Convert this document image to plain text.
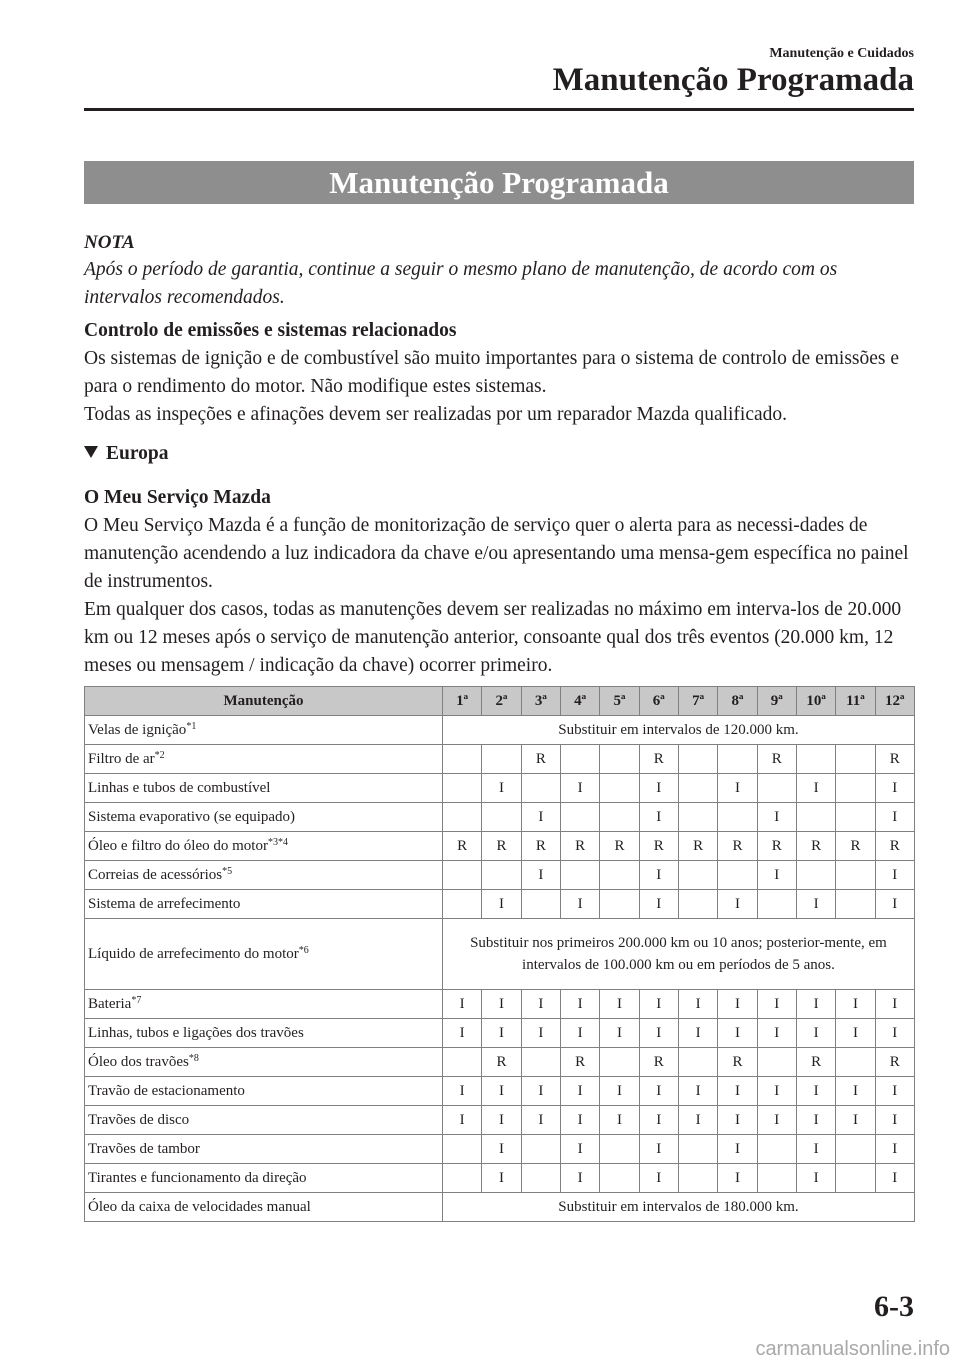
Manutenção e Cuidados
Manutenção Programada
Manutenção Programada
NOTA
Após o período de garantia, continue a seguir o mesmo plano de manutenção, de acordo com os intervalos recomendados.
Controlo de emissões e sistemas relacionados
Os sistemas de ignição e de combustível são muito importantes para o sistema de controlo de emissões e para o rendimento do motor. Não modifique estes sistemas.
Todas as inspeções e afinações devem ser realizadas por um reparador Mazda qualificado.
Europa
O Meu Serviço Mazda
O Meu Serviço Mazda é a função de monitorização de serviço quer o alerta para as necessi-dades de manutenção acendendo a luz indicadora da chave e/ou apresentando uma mensa-gem específica no painel de instrumentos.
Em qualquer dos casos, todas as manutenções devem ser realizadas no máximo em interva-los de 20.000 km ou 12 meses após o serviço de manutenção anterior, consoante qual dos três eventos (20.000 km, 12 meses ou mensagem / indicação da chave) ocorrer primeiro.
Manutenção	1ª	2ª	3ª	4ª	5ª	6ª	7ª	8ª	9ª	10ª	11ª	12ª
Velas de ignição$^{*1}$	Substituir em intervalos de 120.000 km.											
Filtro de $ar^{*2}$			R			R			R			R
Linhas e tubos de combustível		I		I		I		I		I		I
Sistema evaporativo (se equipado)			I			I			I			I
Óleo e filtro do óleo do motor$^{*3*4}$	R	R	R	R	R	R	R	R	R	R	R	R
Correias de acessórios$^{*5}$			I			I			I			I
Sistema de arrefecimento		I		I		I		I		I		I
Líquido de arrefecimento do motor$^{*6}$	Substituir nos primeiros 200.000 km ou 10 anos; posterior-mente, em intervalos de 100.000 km ou em períodos de 5 anos.											
Bateria$^{*7}$	I	I	I	I	I	I	I	I	I	I	I	I
Linhas, tubos e ligações dos travões	I	I	I	I	I	I	I	I	I	I	I	I
Óleo dos travões$^{*8}$		R		R		R		R		R		R
Travão de estacionamento	I	I	I	I	I	I	I	I	I	I	I	I
Travões de disco	I	I	I	I	I	I	I	I	I	I	I	I
Travões de tambor		I		I		I		I		I		I
Tirantes e funcionamento da direção		I		I		I		I		I		I
Óleo da caixa de velocidades manual	Substituir em intervalos de 180.000 km.											
6-3
carmanualsonline.info
